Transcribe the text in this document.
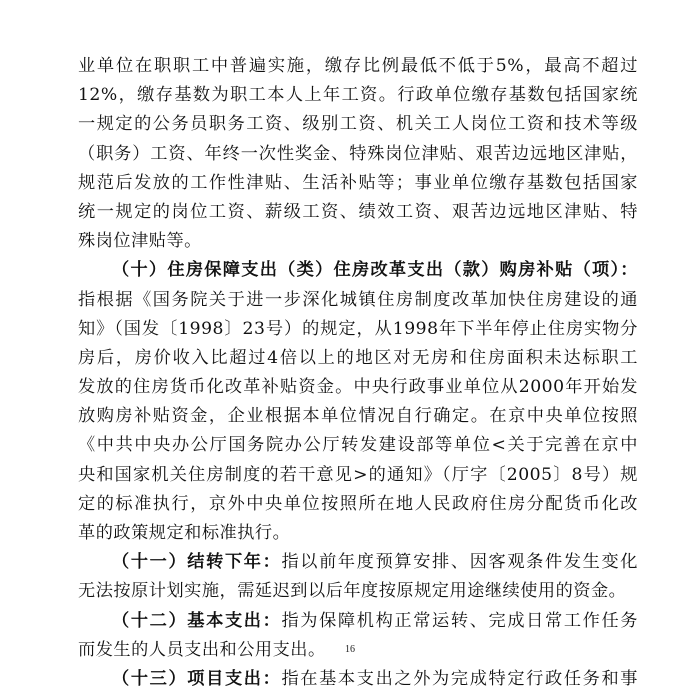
业单位在职职工中普遍实施，缴存比例最低不低于5%，最高不超过
12%，缴存基数为职工本人上年工资。行政单位缴存基数包括国家统
一规定的公务员职务工资、级别工资、机关工人岗位工资和技术等级
（职务）工资、年终一次性奖金、特殊岗位津贴、艰苦边远地区津贴，
规范后发放的工作性津贴、生活补贴等；事业单位缴存基数包括国家
统一规定的岗位工资、薪级工资、绩效工资、艰苦边远地区津贴、特
殊岗位津贴等。
（十）住房保障支出（类）住房改革支出（款）购房补贴（项）：
指根据《国务院关于进一步深化城镇住房制度改革加快住房建设的通
知》（国发〔1998〕23号）的规定，从1998年下半年停止住房实物分
房后，房价收入比超过4倍以上的地区对无房和住房面积未达标职工
发放的住房货币化改革补贴资金。中央行政事业单位从2000年开始发
放购房补贴资金，企业根据本单位情况自行确定。在京中央单位按照
《中共中央办公厅国务院办公厅转发建设部等单位<关于完善在京中
央和国家机关住房制度的若干意见>的通知》（厅字〔2005〕8号）规
定的标准执行，京外中央单位按照所在地人民政府住房分配货币化改
革的政策规定和标准执行。
（十一）结转下年：指以前年度预算安排、因客观条件发生变化
无法按原计划实施，需延迟到以后年度按原规定用途继续使用的资金。
（十二）基本支出：指为保障机构正常运转、完成日常工作任务
而发生的人员支出和公用支出。
（十三）项目支出：指在基本支出之外为完成特定行政任务和事
16
